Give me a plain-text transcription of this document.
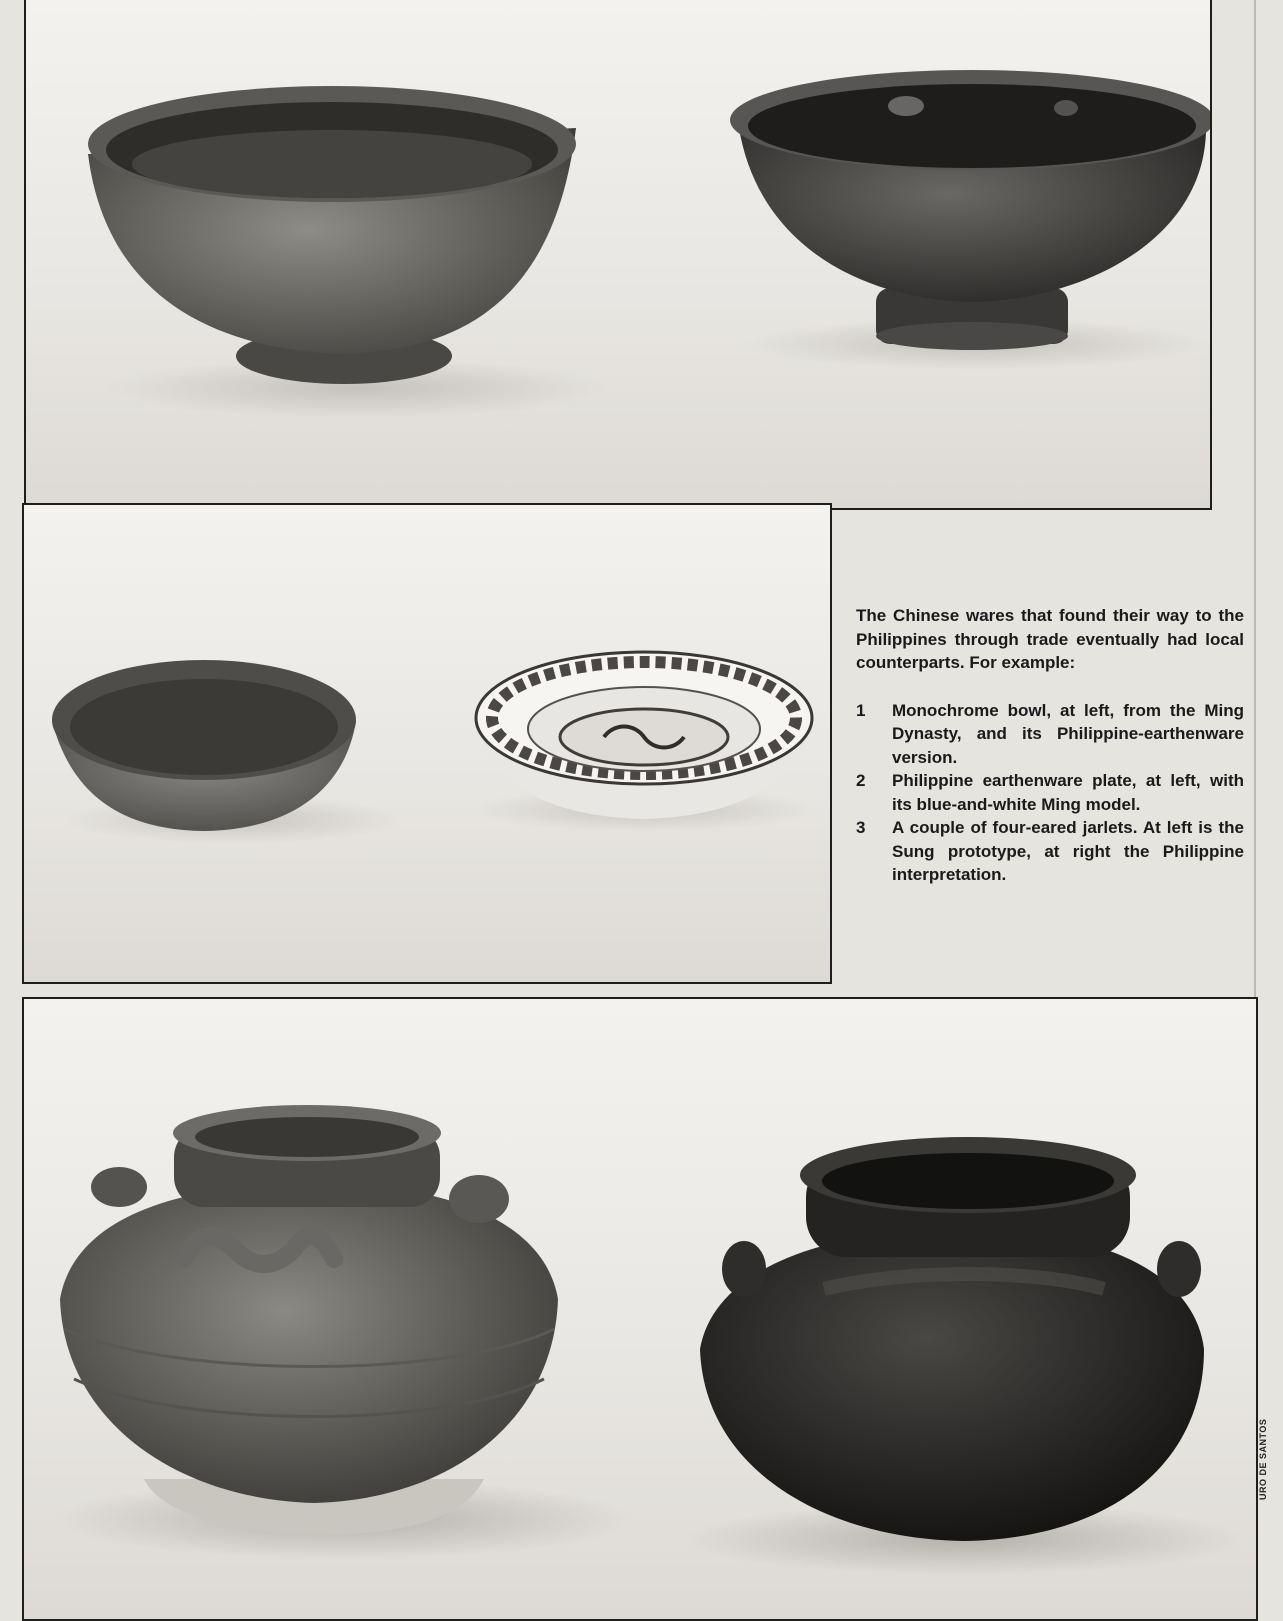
The Chinese wares that found their way to the Philippines through trade eventually had local counterparts. For example:

1 Monochrome bowl, at left, from the Ming Dynasty, and its Philippine-earthenware version.
2 Philippine earthenware plate, at left, with its blue-and-white Ming model.
3 A couple of four-eared jarlets. At left is the Sung prototype, at right the Philippine interpretation.
URO DE SANTOS
